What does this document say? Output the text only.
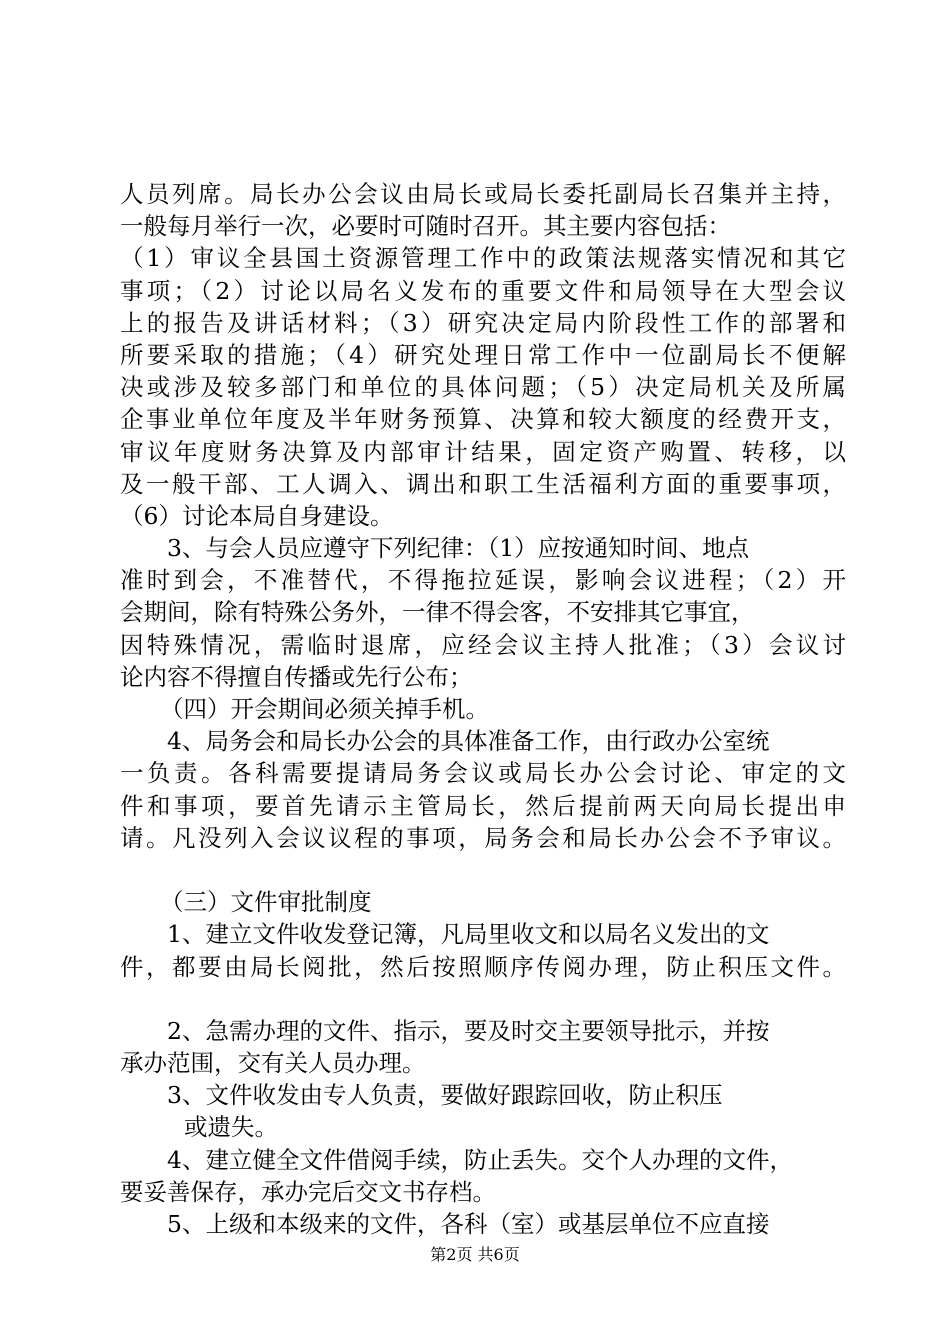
人员列席。局长办公会议由局长或局长委托副局长召集并主持，
一般每月举行一次，必要时可随时召开。其主要内容包括：
（1）审议全县国土资源管理工作中的政策法规落实情况和其它
事项；（2）讨论以局名义发布的重要文件和局领导在大型会议
上的报告及讲话材料；（3）研究决定局内阶段性工作的部署和
所要采取的措施；（4）研究处理日常工作中一位副局长不便解
决或涉及较多部门和单位的具体问题；（5）决定局机关及所属
企事业单位年度及半年财务预算、决算和较大额度的经费开支，
审议年度财务决算及内部审计结果，固定资产购置、转移，以
及一般干部、工人调入、调出和职工生活福利方面的重要事项，
（6）讨论本局自身建设。
3、与会人员应遵守下列纪律：（1）应按通知时间、地点
准时到会，不准替代，不得拖拉延误，影响会议进程；（2）开
会期间，除有特殊公务外，一律不得会客，不安排其它事宜，
因特殊情况，需临时退席，应经会议主持人批准；（3）会议讨
论内容不得擅自传播或先行公布；
（四）开会期间必须关掉手机。
4、局务会和局长办公会的具体准备工作，由行政办公室统
一负责。各科需要提请局务会议或局长办公会讨论、审定的文
件和事项，要首先请示主管局长，然后提前两天向局长提出申
请。凡没列入会议议程的事项，局务会和局长办公会不予审议。
（三）文件审批制度
1、建立文件收发登记簿，凡局里收文和以局名义发出的文
件，都要由局长阅批，然后按照顺序传阅办理，防止积压文件。
2、急需办理的文件、指示，要及时交主要领导批示，并按
承办范围，交有关人员办理。
3、文件收发由专人负责，要做好跟踪回收，防止积压
或遗失。
4、建立健全文件借阅手续，防止丢失。交个人办理的文件，
要妥善保存，承办完后交文书存档。
5、上级和本级来的文件，各科（室）或基层单位不应直接
第2页 共6页
